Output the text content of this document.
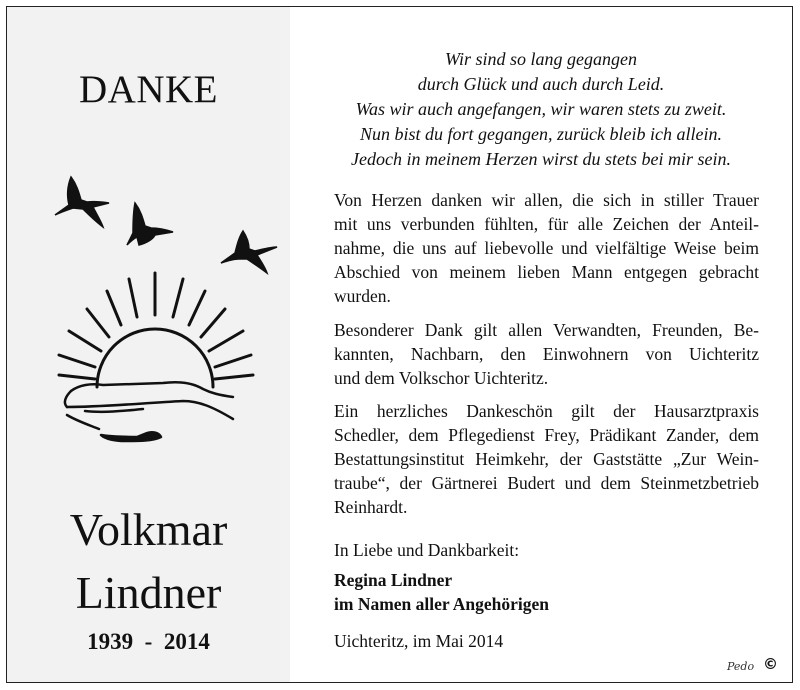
DANKE
Volkmar
Lindner
1939  -  2014
Wir sind so lang gegangen
durch Glück und auch durch Leid.
Was wir auch angefangen, wir waren stets zu zweit.
Nun bist du fort gegangen, zurück bleib ich allein.
Jedoch in meinem Herzen wirst du stets bei mir sein.
Von Herzen danken wir allen, die sich in stiller Trauer
mit uns verbunden fühlten, für alle Zeichen der Anteil-
nahme, die uns auf liebevolle und vielfältige Weise beim
Abschied von meinem lieben Mann entgegen gebracht
wurden.
Besonderer Dank gilt allen Verwandten, Freunden, Be-
kannten, Nachbarn, den Einwohnern von Uichteritz
und dem Volkschor Uichteritz.
Ein herzliches Dankeschön gilt der Hausarztpraxis
Schedler, dem Pflegedienst Frey, Prädikant Zander, dem
Bestattungsinstitut Heimkehr, der Gaststätte „Zur Wein-
traube“, der Gärtnerei Budert und dem Steinmetzbetrieb
Reinhardt.
In Liebe und Dankbarkeit:
Regina Lindner
im Namen aller Angehörigen
Uichteritz, im Mai 2014
Pedo ©
